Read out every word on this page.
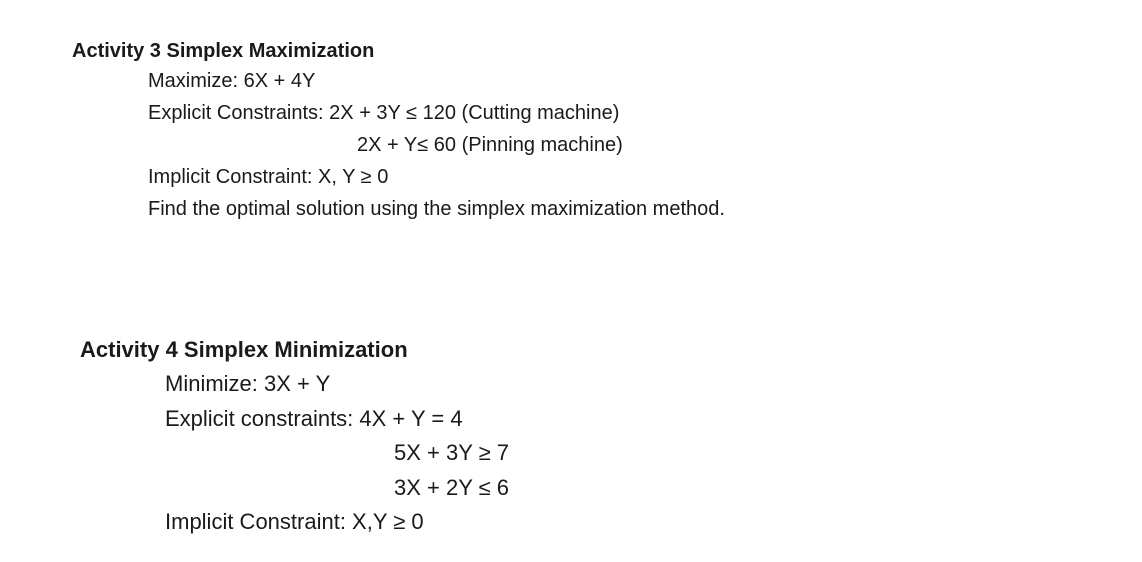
Activity 3 Simplex Maximization
Maximize: 6X + 4Y
Explicit Constraints: 2X + 3Y ≤ 120 (Cutting machine)
2X + Y≤ 60 (Pinning machine)
Implicit Constraint: X, Y ≥ 0
Find the optimal solution using the simplex maximization method.
Activity 4 Simplex Minimization
Minimize: 3X + Y
Explicit constraints: 4X + Y = 4
5X + 3Y ≥ 7
3X + 2Y ≤ 6
Implicit Constraint: X,Y ≥ 0
